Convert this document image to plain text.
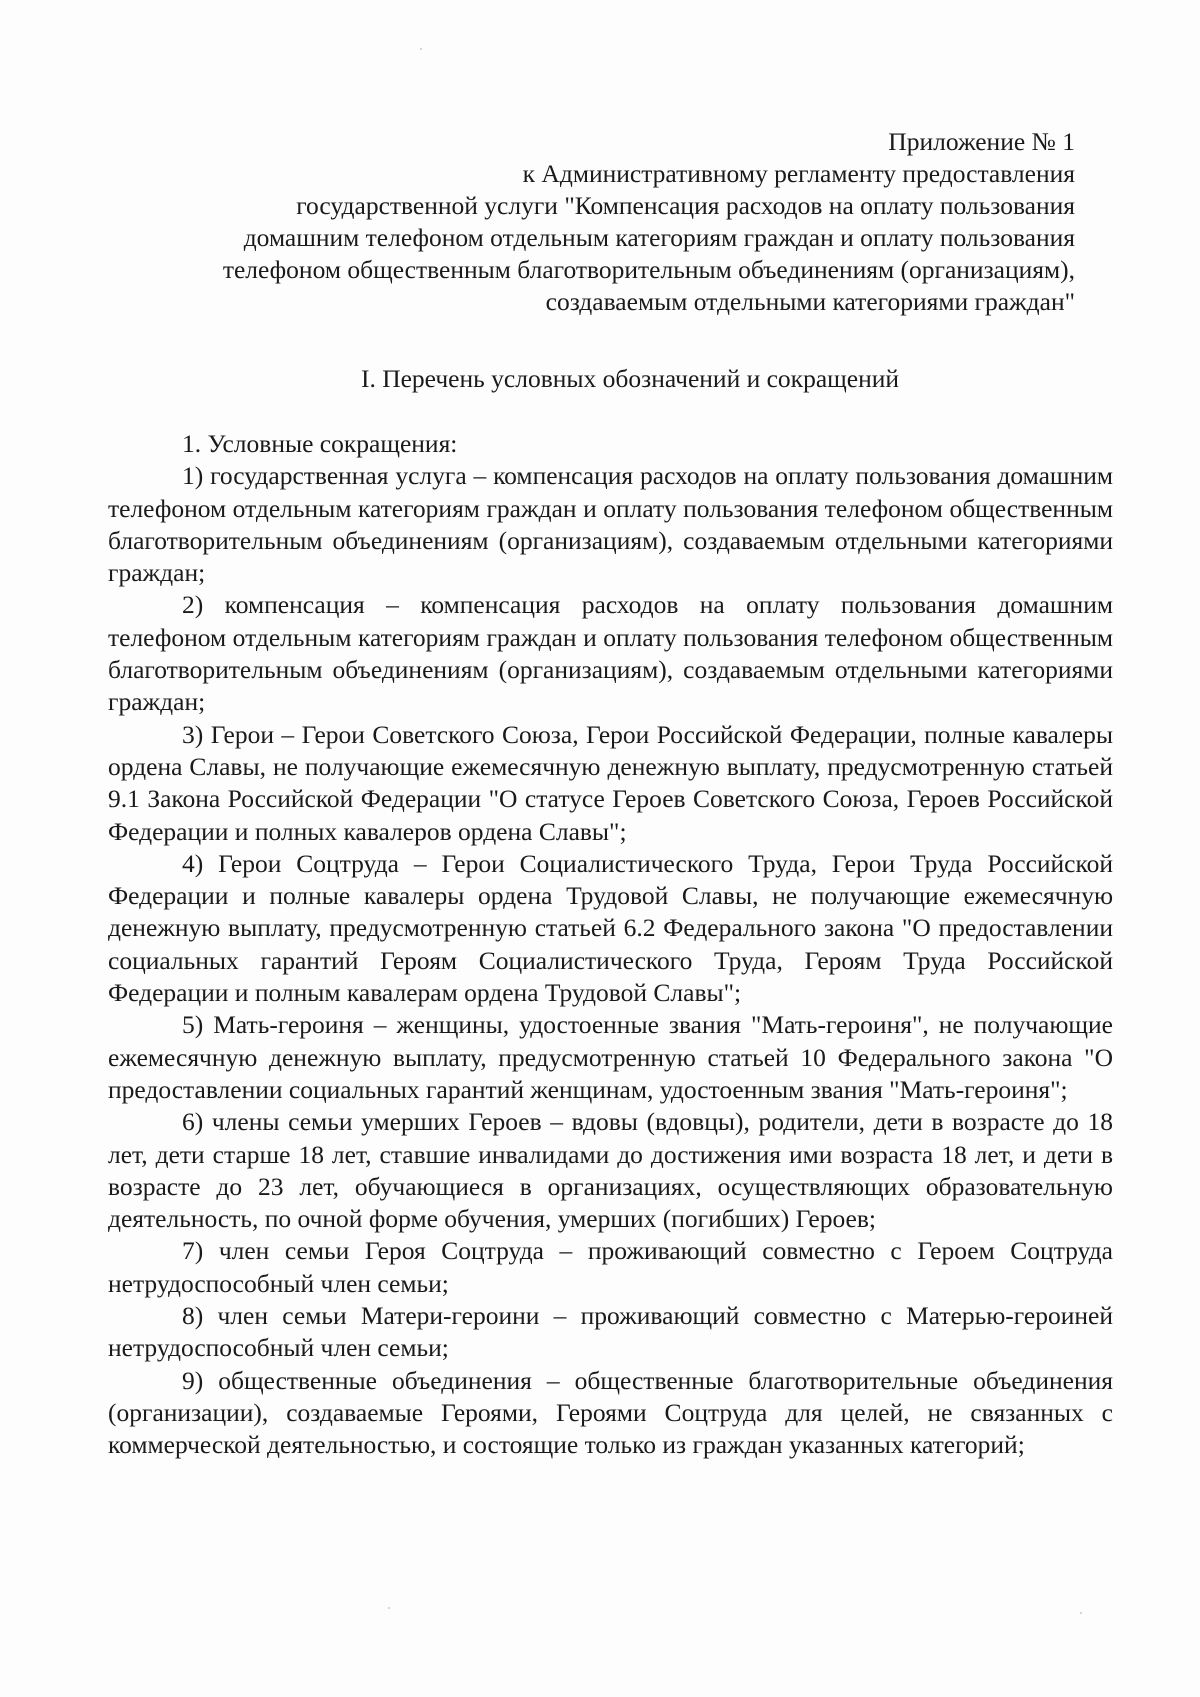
Приложение № 1
к Административному регламенту предоставления
государственной услуги "Компенсация расходов на оплату пользования
домашним телефоном отдельным категориям граждан и оплату пользования
телефоном общественным благотворительным объединениям (организациям),
создаваемым отдельными категориями граждан"
I. Перечень условных обозначений и сокращений

1. Условные сокращения:

1) государственная услуга – компенсация расходов на оплату пользования домашним телефоном отдельным категориям граждан и оплату пользования телефоном общественным благотворительным объединениям (организациям), создаваемым отдельными категориями граждан;

2) компенсация – компенсация расходов на оплату пользования домашним телефоном отдельным категориям граждан и оплату пользования телефоном общественным благотворительным объединениям (организациям), создаваемым отдельными категориями граждан;

3) Герои – Герои Советского Союза, Герои Российской Федерации, полные кавалеры ордена Славы, не получающие ежемесячную денежную выплату, предусмотренную статьей 9.1 Закона Российской Федерации "О статусе Героев Советского Союза, Героев Российской Федерации и полных кавалеров ордена Славы";

4) Герои Соцтруда – Герои Социалистического Труда, Герои Труда Российской Федерации и полные кавалеры ордена Трудовой Славы, не получающие ежемесячную денежную выплату, предусмотренную статьей 6.2 Федерального закона "О предоставлении социальных гарантий Героям Социалистического Труда, Героям Труда Российской Федерации и полным кавалерам ордена Трудовой Славы";

5) Мать-героиня – женщины, удостоенные звания "Мать-героиня", не получающие ежемесячную денежную выплату, предусмотренную статьей 10 Федерального закона "О предоставлении социальных гарантий женщинам, удостоенным звания "Мать-героиня";

6) члены семьи умерших Героев – вдовы (вдовцы), родители, дети в возрасте до 18 лет, дети старше 18 лет, ставшие инвалидами до достижения ими возраста 18 лет, и дети в возрасте до 23 лет, обучающиеся в организациях, осуществляющих образовательную деятельность, по очной форме обучения, умерших (погибших) Героев;

7) член семьи Героя Соцтруда – проживающий совместно с Героем Соцтруда нетрудоспособный член семьи;

8) член семьи Матери-героини – проживающий совместно с Матерью-героиней нетрудоспособный член семьи;

9) общественные объединения – общественные благотворительные объединения (организации), создаваемые Героями, Героями Соцтруда для целей, не связанных с коммерческой деятельностью, и состоящие только из граждан указанных категорий;
